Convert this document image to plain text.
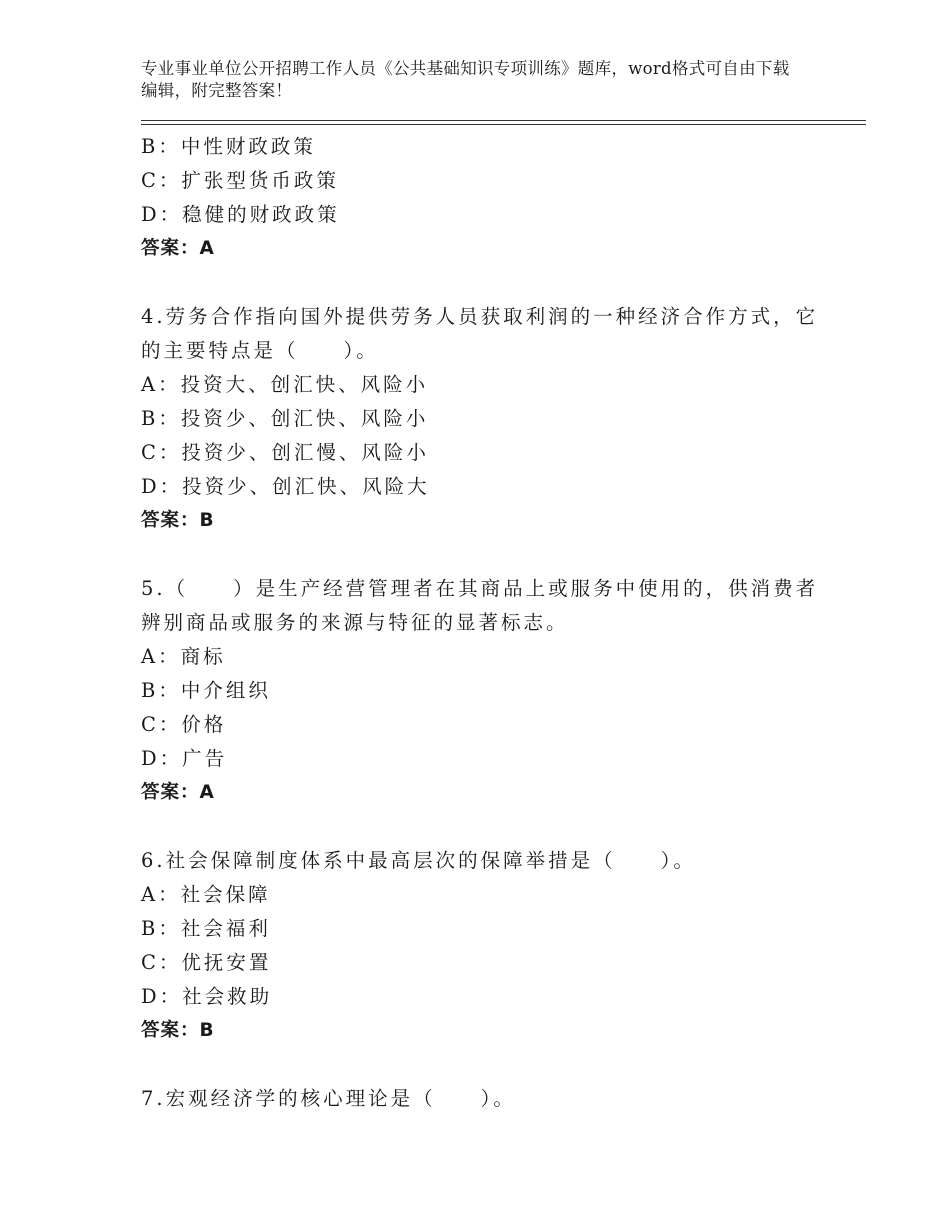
专业事业单位公开招聘工作人员《公共基础知识专项训练》题库，word格式可自由下载编辑，附完整答案！
B：中性财政政策
C：扩张型货币政策
D：稳健的财政政策
答案：A
4.劳务合作指向国外提供劳务人员获取利润的一种经济合作方式，它
的主要特点是（　　）。
A：投资大、创汇快、风险小
B：投资少、创汇快、风险小
C：投资少、创汇慢、风险小
D：投资少、创汇快、风险大
答案：B
5.（　　）是生产经营管理者在其商品上或服务中使用的，供消费者
辨别商品或服务的来源与特征的显著标志。
A：商标
B：中介组织
C：价格
D：广告
答案：A
6.社会保障制度体系中最高层次的保障举措是（　　）。
A：社会保障
B：社会福利
C：优抚安置
D：社会救助
答案：B
7.宏观经济学的核心理论是（　　）。
